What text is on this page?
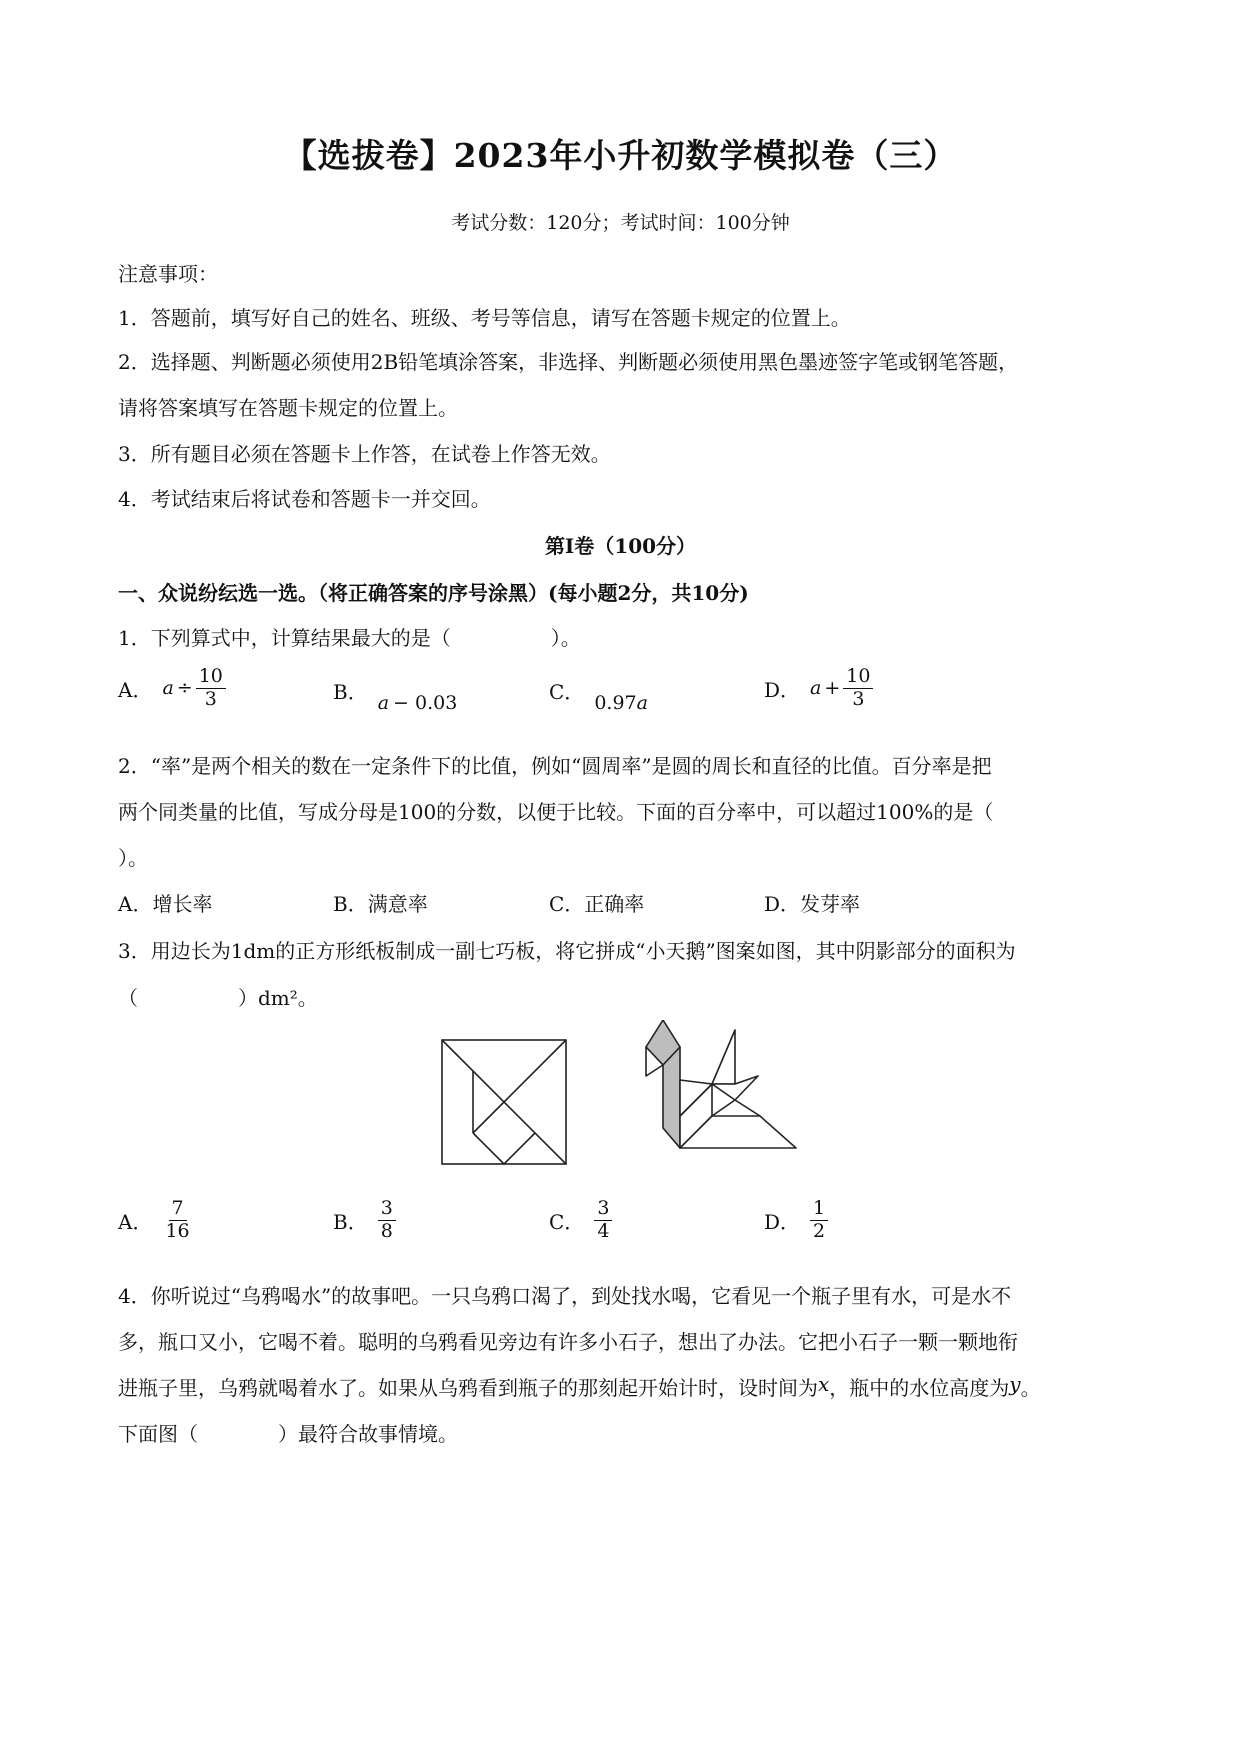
【选拔卷】2023年小升初数学模拟卷（三）
考试分数：120分；考试时间：100分钟
注意事项：
1．答题前，填写好自己的姓名、班级、考号等信息，请写在答题卡规定的位置上。
2．选择题、判断题必须使用2B铅笔填涂答案，非选择、判断题必须使用黑色墨迹签字笔或钢笔答题，
请将答案填写在答题卡规定的位置上。
3．所有题目必须在答题卡上作答，在试卷上作答无效。
4．考试结束后将试卷和答题卡一并交回。
第I卷（100分）
一、众说纷纭选一选。（将正确答案的序号涂黑）(每小题2分，共10分)
1．下列算式中，计算结果最大的是（　　　　　）。
A． $a \div \frac{10}{3}$	B． a − 0.03	C． 0.97 a
D． $a + \frac{10}{3}$
2．“率”是两个相关的数在一定条件下的比值，例如“圆周率”是圆的周长和直径的比值。百分率是把
两个同类量的比值，写成分母是100的分数，以便于比较。下面的百分率中，可以超过100%的是（
）。
A．增长率	B．满意率	C．正确率	D．发芽率
3．用边长为1dm的正方形纸板制成一副七巧板，将它拼成“小天鹅”图案如图，其中阴影部分的面积为
（　　　　　）dm²。
A． $\frac{7}{16}$	B． $\frac{3}{8}$	C． $\frac{3}{4}$	D． $\frac{1}{2}$
4．你听说过“乌鸦喝水”的故事吧。一只乌鸦口渴了，到处找水喝，它看见一个瓶子里有水，可是水不
多，瓶口又小，它喝不着。聪明的乌鸦看见旁边有许多小石子，想出了办法。它把小石子一颗一颗地衔
进瓶子里，乌鸦就喝着水了。如果从乌鸦看到瓶子的那刻起开始计时，设时间为x，瓶中的水位高度为y。
下面图（　　　　）最符合故事情境。
